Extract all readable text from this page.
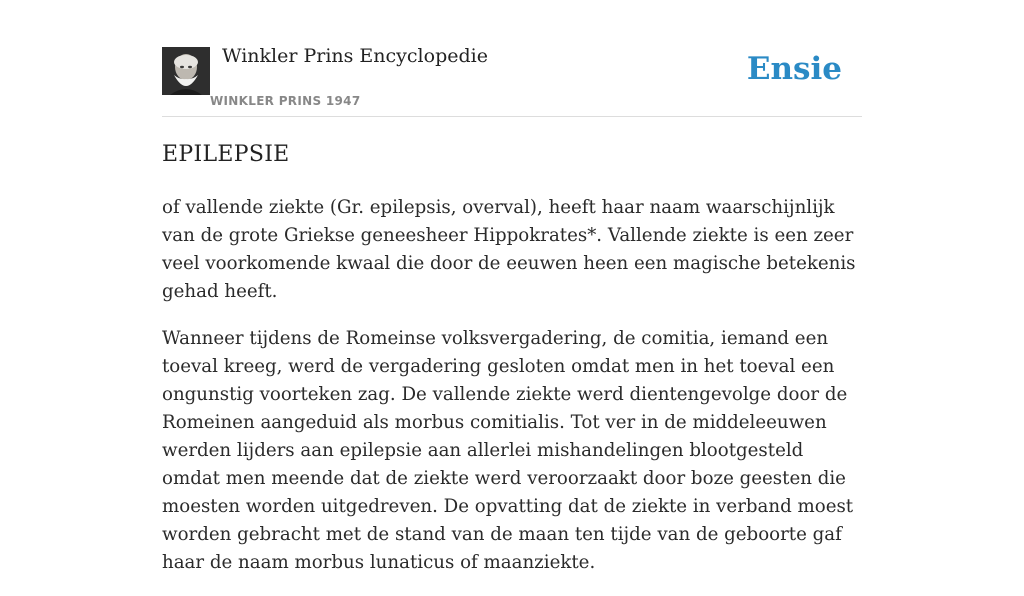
Winkler Prins Encyclopedie
WINKLER PRINS 1947
Ensie
EPILEPSIE

of vallende ziekte (Gr. epilepsis, overval), heeft haar naam waarschijnlijk van de grote Griekse geneesheer Hippokrates*. Vallende ziekte is een zeer veel voorkomende kwaal die door de eeuwen heen een magische betekenis gehad heeft.

Wanneer tijdens de Romeinse volksvergadering, de comitia, iemand een toeval kreeg, werd de vergadering gesloten omdat men in het toeval een ongunstig voorteken zag. De vallende ziekte werd dientengevolge door de Romeinen aangeduid als morbus comitialis. Tot ver in de middeleeuwen werden lijders aan epilepsie aan allerlei mishandelingen blootgesteld omdat men meende dat de ziekte werd veroorzaakt door boze geesten die moesten worden uitgedreven. De opvatting dat de ziekte in verband moest worden gebracht met de stand van de maan ten tijde van de geboorte gaf haar de naam morbus lunaticus of maanziekte.
